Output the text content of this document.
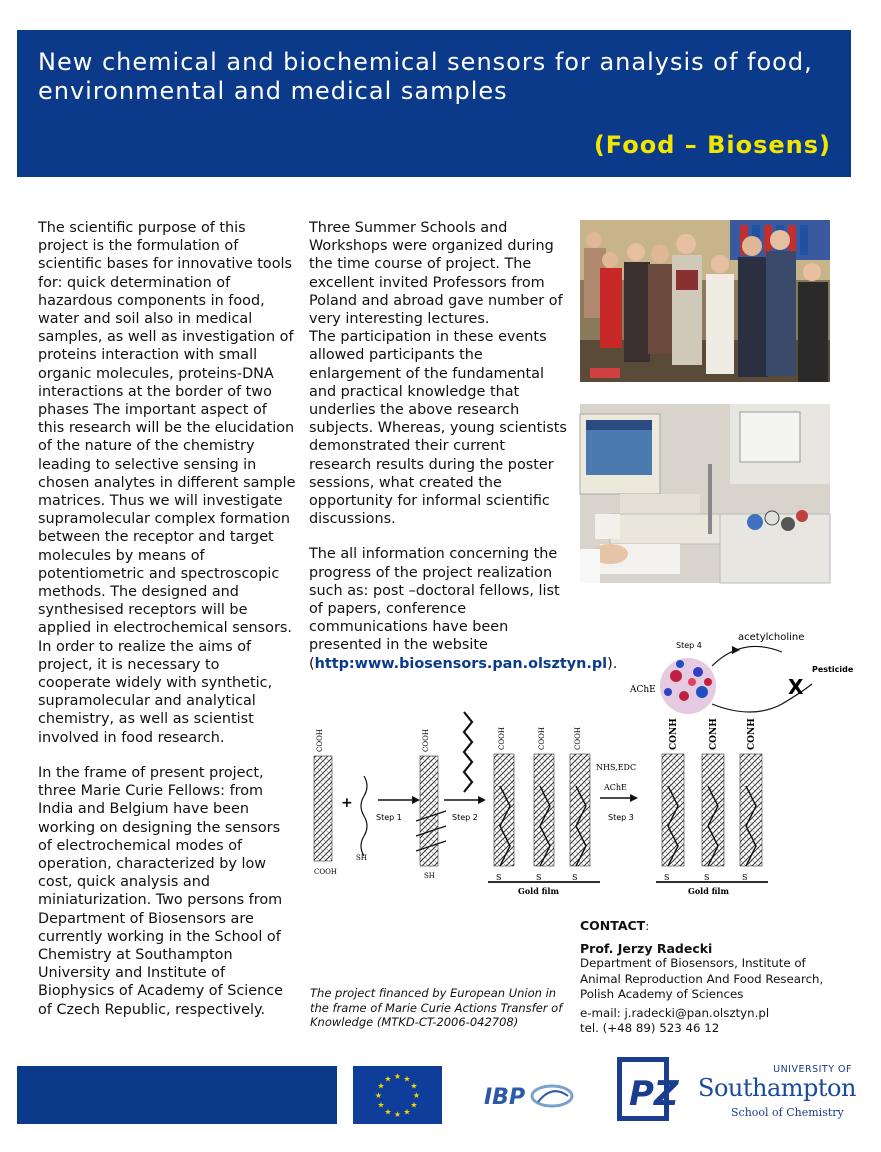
New chemical and biochemical sensors for analysis of food, environmental and medical samples
(Food – Biosens)

The scientific purpose of this project is the formulation of scientific bases for innovative tools for: quick determination of hazardous components in food, water and soil also in medical samples, as well as investigation of proteins interaction with small organic molecules, proteins-DNA interactions at the border of two phases The important aspect of this research will be the elucidation of the nature of the chemistry leading to selective sensing in chosen analytes in different sample matrices. Thus we will investigate supramolecular complex formation between the receptor and target molecules by means of potentiometric and spectroscopic methods. The designed and synthesised receptors will be applied in electrochemical sensors. In order to realize the aims of project, it is necessary to cooperate widely with synthetic, supramolecular and analytical chemistry, as well as scientist involved in food research.

In the frame of present project, three Marie Curie Fellows: from India and Belgium have been working on designing the sensors of electrochemical modes of operation, characterized by low cost, quick analysis and miniaturization. Two persons from Department of Biosensors are currently working in the School of Chemistry at Southampton University and Institute of Biophysics of Academy of Science of Czech Republic, respectively.

Three Summer Schools and Workshops were organized during the time course of project. The excellent invited Professors from Poland and abroad gave number of very interesting lectures.

The participation in these events allowed participants the enlargement of the fundamental and practical knowledge that underlies the above research subjects. Whereas, young scientists demonstrated their current research results during the poster sessions, what created the opportunity for informal scientific discussions.

The all information concerning the progress of the project realization such as: post –doctoral fellows, list of papers, conference communications have been presented in the website (http:www.biosensors.pan.olsztyn.pl).

COOH
COOH
+
SH
Step 1
COOH
SH
Step 2
COOH	COOH	COOH
S	S	S
Gold film
NHS,EDC
AChE
Step 3
CONH	CONH	CONH
S	S	S
Gold film
AChE
Step 4
acetylcholine
Pesticide
X
The project financed by European Union in the frame of Marie Curie Actions Transfer of Knowledge (MTKD-CT-2006-042708)
CONTACT:
Prof. Jerzy Radecki
Department of Biosensors, Institute of Animal Reproduction And Food Research, Polish Academy of Sciences
e-mail: j.radecki@pan.olsztyn.pl
tel. (+48 89) 523 46 12
★ ★
★
★
★
★
★
★
★
★
★
★
IBP	PZ
UNIVERSITY OF
Southampton
School of Chemistry
